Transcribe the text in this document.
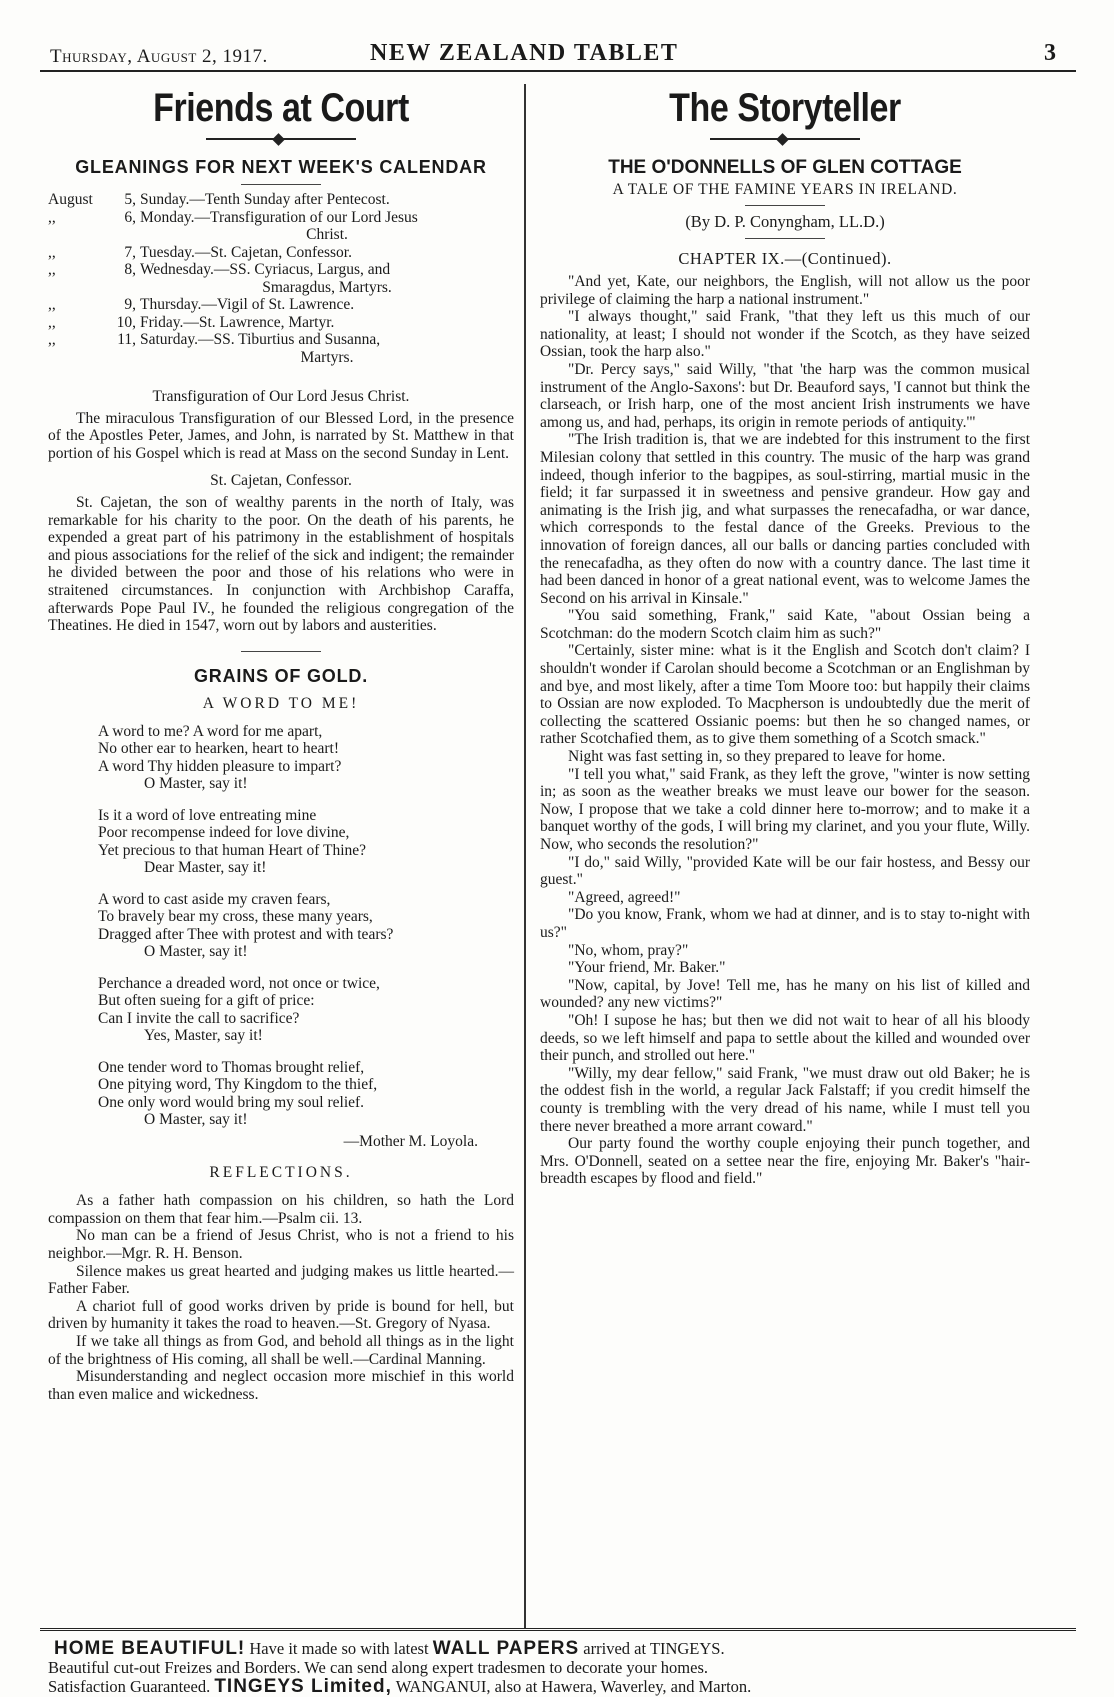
Thursday, August 2, 1917.	NEW ZEALAND TABLET	3
Friends at Court
GLEANINGS FOR NEXT WEEK'S CALENDAR
August	5, Sunday.—Tenth Sunday after Pentecost.
,,	6, Monday.—Transfiguration of our Lord Jesus
Christ.
,,	7, Tuesday.—St. Cajetan, Confessor.
,,	8, Wednesday.—SS. Cyriacus, Largus, and
Smaragdus, Martyrs.
,,	9, Thursday.—Vigil of St. Lawrence.
,,	10, Friday.—St. Lawrence, Martyr.
,,	11, Saturday.—SS. Tiburtius and Susanna,
Martyrs.

Transfiguration of Our Lord Jesus Christ.

The miraculous Transfiguration of our Blessed Lord, in the presence of the Apostles Peter, James, and John, is narrated by St. Matthew in that portion of his Gospel which is read at Mass on the second Sunday in Lent.

St. Cajetan, Confessor.

St. Cajetan, the son of wealthy parents in the north of Italy, was remarkable for his charity to the poor. On the death of his parents, he expended a great part of his patrimony in the establishment of hospitals and pious associations for the relief of the sick and indigent; the remainder he divided between the poor and those of his relations who were in straitened circumstances. In conjunction with Archbishop Caraffa, afterwards Pope Paul IV., he founded the religious congregation of the Theatines. He died in 1547, worn out by labors and austerities.

GRAINS OF GOLD.
A WORD TO ME!
A word to me? A word for me apart,
No other ear to hearken, heart to heart!
A word Thy hidden pleasure to impart?
O Master, say it!
Is it a word of love entreating mine
Poor recompense indeed for love divine,
Yet precious to that human Heart of Thine?
Dear Master, say it!
A word to cast aside my craven fears,
To bravely bear my cross, these many years,
Dragged after Thee with protest and with tears?
O Master, say it!
Perchance a dreaded word, not once or twice,
But often sueing for a gift of price:
Can I invite the call to sacrifice?
Yes, Master, say it!
One tender word to Thomas brought relief,
One pitying word, Thy Kingdom to the thief,
One only word would bring my soul relief.
O Master, say it!
—Mother M. Loyola.
REFLECTIONS.

As a father hath compassion on his children, so hath the Lord compassion on them that fear him.—Psalm cii. 13.

No man can be a friend of Jesus Christ, who is not a friend to his neighbor.—Mgr. R. H. Benson.

Silence makes us great hearted and judging makes us little hearted.—Father Faber.

A chariot full of good works driven by pride is bound for hell, but driven by humanity it takes the road to heaven.—St. Gregory of Nyasa.

If we take all things as from God, and behold all things as in the light of the brightness of His coming, all shall be well.—Cardinal Manning.

Misunderstanding and neglect occasion more mischief in this world than even malice and wickedness.

The Storyteller
THE O'DONNELLS OF GLEN COTTAGE
A TALE OF THE FAMINE YEARS IN IRELAND.
(By D. P. Conyngham, LL.D.)
CHAPTER IX.—(Continued).

"And yet, Kate, our neighbors, the English, will not allow us the poor privilege of claiming the harp a national instrument."

"I always thought," said Frank, "that they left us this much of our nationality, at least; I should not wonder if the Scotch, as they have seized Ossian, took the harp also."

"Dr. Percy says," said Willy, "that 'the harp was the common musical instrument of the Anglo-Saxons': but Dr. Beauford says, 'I cannot but think the clarseach, or Irish harp, one of the most ancient Irish instruments we have among us, and had, perhaps, its origin in remote periods of antiquity.'"

"The Irish tradition is, that we are indebted for this instrument to the first Milesian colony that settled in this country. The music of the harp was grand indeed, though inferior to the bagpipes, as soul-stirring, martial music in the field; it far surpassed it in sweetness and pensive grandeur. How gay and animating is the Irish jig, and what surpasses the renecafadha, or war dance, which corresponds to the festal dance of the Greeks. Previous to the innovation of foreign dances, all our balls or dancing parties concluded with the renecafadha, as they often do now with a country dance. The last time it had been danced in honor of a great national event, was to welcome James the Second on his arrival in Kinsale."

"You said something, Frank," said Kate, "about Ossian being a Scotchman: do the modern Scotch claim him as such?"

"Certainly, sister mine: what is it the English and Scotch don't claim? I shouldn't wonder if Carolan should become a Scotchman or an Englishman by and bye, and most likely, after a time Tom Moore too: but happily their claims to Ossian are now exploded. To Macpherson is undoubtedly due the merit of collecting the scattered Ossianic poems: but then he so changed names, or rather Scotchafied them, as to give them something of a Scotch smack."

Night was fast setting in, so they prepared to leave for home.

"I tell you what," said Frank, as they left the grove, "winter is now setting in; as soon as the weather breaks we must leave our bower for the season. Now, I propose that we take a cold dinner here to-morrow; and to make it a banquet worthy of the gods, I will bring my clarinet, and you your flute, Willy. Now, who seconds the resolution?"

"I do," said Willy, "provided Kate will be our fair hostess, and Bessy our guest."

"Agreed, agreed!"

"Do you know, Frank, whom we had at dinner, and is to stay to-night with us?"

"No, whom, pray?"

"Your friend, Mr. Baker."

"Now, capital, by Jove! Tell me, has he many on his list of killed and wounded? any new victims?"

"Oh! I supose he has; but then we did not wait to hear of all his bloody deeds, so we left himself and papa to settle about the killed and wounded over their punch, and strolled out here."

"Willy, my dear fellow," said Frank, "we must draw out old Baker; he is the oddest fish in the world, a regular Jack Falstaff; if you credit himself the county is trembling with the very dread of his name, while I must tell you there never breathed a more arrant coward."

Our party found the worthy couple enjoying their punch together, and Mrs. O'Donnell, seated on a settee near the fire, enjoying Mr. Baker's "hair-breadth escapes by flood and field."

HOME BEAUTIFUL! Have it made so with latest WALL PAPERS arrived at TINGEYS.
Beautiful cut-out Freizes and Borders. We can send along expert tradesmen to decorate your homes.
Satisfaction Guaranteed. TINGEYS Limited, WANGANUI, also at Hawera, Waverley, and Marton.
